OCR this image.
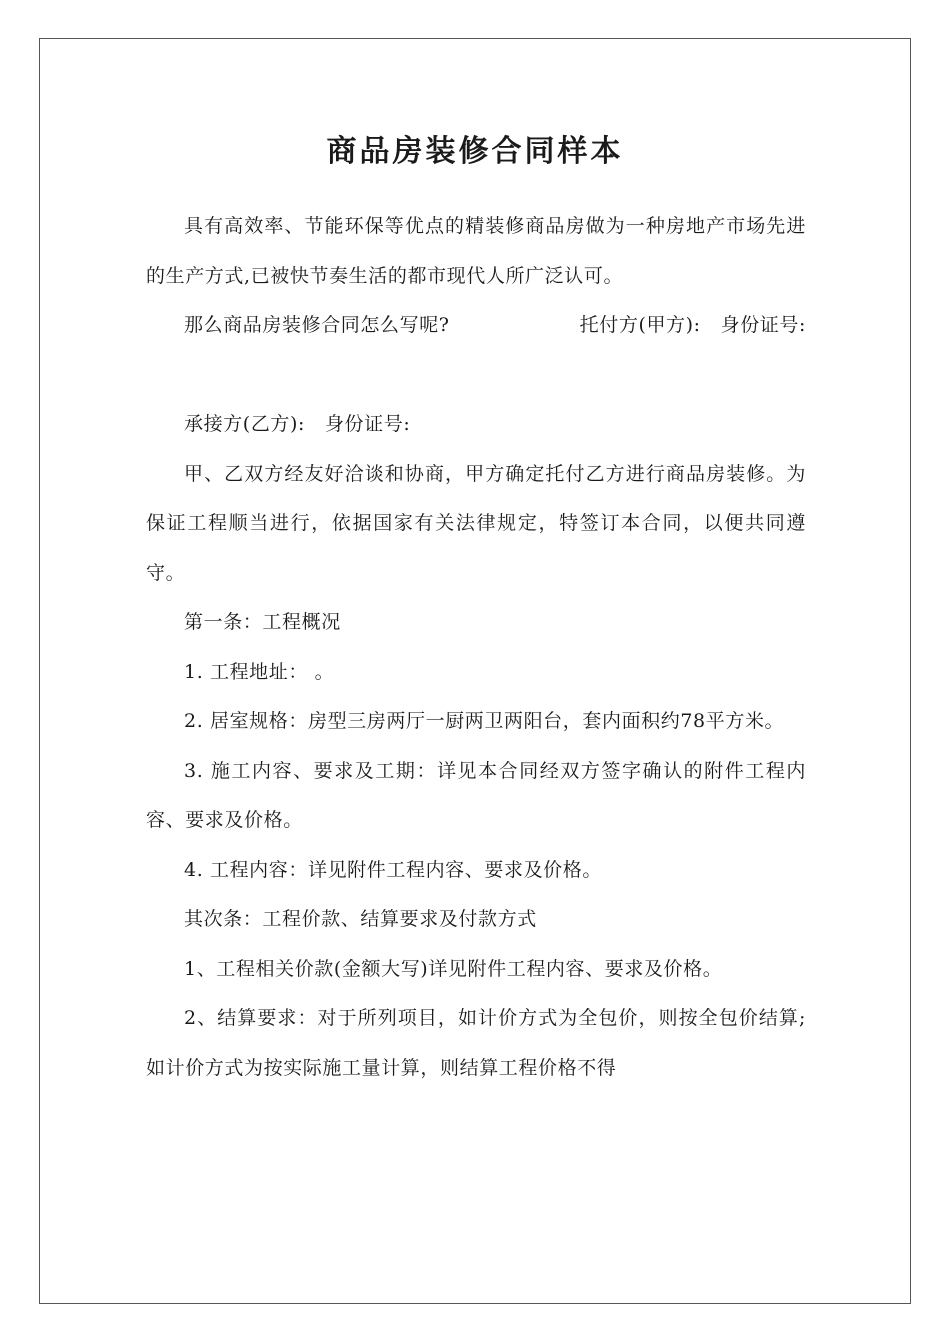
商品房装修合同样本

具有高效率、节能环保等优点的精装修商品房做为一种房地产市场先进的生产方式,已被快节奏生活的都市现代人所广泛认可。
那么商品房装修合同怎么写呢?	托付方(甲方): 身份证号:

承接方(乙方): 身份证号:

甲、乙双方经友好洽谈和协商，甲方确定托付乙方进行商品房装修。为保证工程顺当进行，依据国家有关法律规定，特签订本合同，以便共同遵守。

第一条：工程概况

1. 工程地址： 。

2. 居室规格：房型三房两厅一厨两卫两阳台，套内面积约78平方米。

3. 施工内容、要求及工期：详见本合同经双方签字确认的附件工程内容、要求及价格。

4. 工程内容：详见附件工程内容、要求及价格。

其次条：工程价款、结算要求及付款方式

1、工程相关价款(金额大写)详见附件工程内容、要求及价格。

2、结算要求：对于所列项目，如计价方式为全包价，则按全包价结算;如计价方式为按实际施工量计算，则结算工程价格不得
